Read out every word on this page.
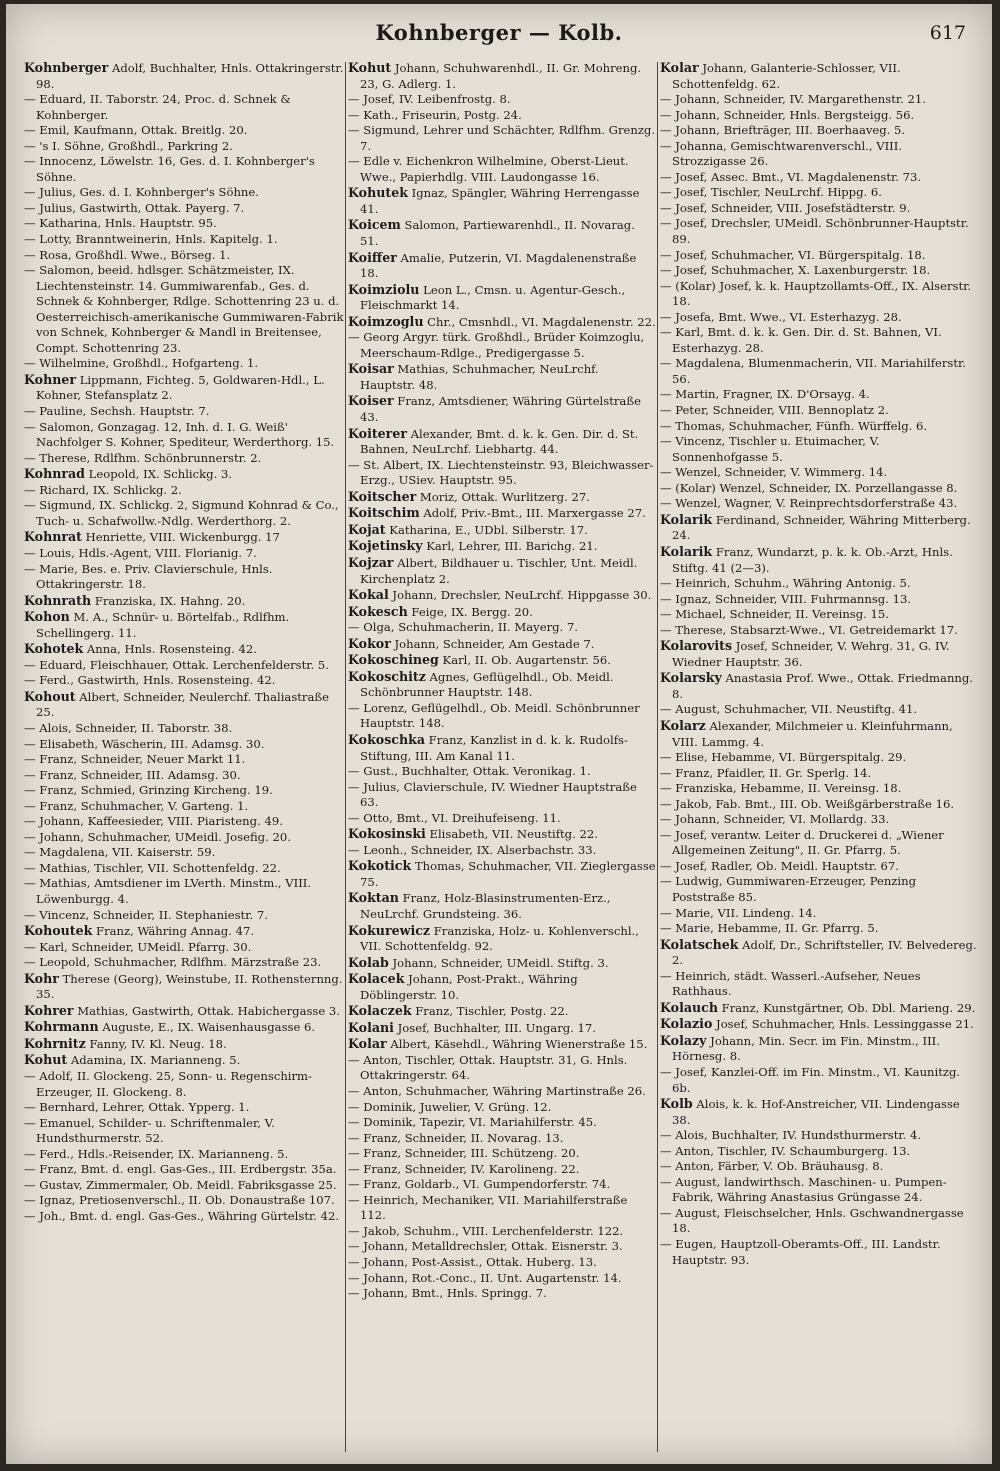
Kohnberger — Kolb.	617

Kohnberger Adolf, Buchhalter, Hnls. Ottakringerstr. 98.

— Eduard, II. Taborstr. 24, Proc. d. Schnek & Kohnberger.

— Emil, Kaufmann, Ottak. Breitlg. 20.

— 's I. Söhne, Großhdl., Parkring 2.

— Innocenz, Löwelstr. 16, Ges. d. I. Kohnberger's Söhne.

— Julius, Ges. d. I. Kohnberger's Söhne.

— Julius, Gastwirth, Ottak. Payerg. 7.

— Katharina, Hnls. Hauptstr. 95.

— Lotty, Branntweinerin, Hnls. Kapitelg. 1.

— Rosa, Großhdl. Wwe., Börseg. 1.

— Salomon, beeid. hdlsger. Schätzmeister, IX. Liechtensteinstr. 14. Gummiwarenfab., Ges. d. Schnek & Kohnberger, Rdlge. Schottenring 23 u. d. Oesterreichisch-amerikanische Gummiwaren-Fabrik von Schnek, Kohnberger & Mandl in Breitensee, Compt. Schottenring 23.

— Wilhelmine, Großhdl., Hofgarteng. 1.

Kohner Lippmann, Fichteg. 5, Goldwaren-Hdl., L. Kohner, Stefansplatz 2.

— Pauline, Sechsh. Hauptstr. 7.

— Salomon, Gonzagag. 12, Inh. d. I. G. Weiß' Nachfolger S. Kohner, Spediteur, Werderthorg. 15.

— Therese, Rdlfhm. Schönbrunnerstr. 2.

Kohnrad Leopold, IX. Schlickg. 3.

— Richard, IX. Schlickg. 2.

— Sigmund, IX. Schlickg. 2, Sigmund Kohnrad & Co., Tuch- u. Schafwollw.-Ndlg. Werderthorg. 2.

Kohnrat Henriette, VIII. Wickenburgg. 17

— Louis, Hdls.-Agent, VIII. Florianig. 7.

— Marie, Bes. e. Priv. Clavierschule, Hnls. Ottakringerstr. 18.

Kohnrath Franziska, IX. Hahng. 20.

Kohon M. A., Schnür- u. Börtelfab., Rdlfhm. Schellingerg. 11.

Kohotek Anna, Hnls. Rosensteing. 42.

— Eduard, Fleischhauer, Ottak. Lerchenfelderstr. 5.

— Ferd., Gastwirth, Hnls. Rosensteing. 42.

Kohout Albert, Schneider, Neulerchf. Thaliastraße 25.

— Alois, Schneider, II. Taborstr. 38.

— Elisabeth, Wäscherin, III. Adamsg. 30.

— Franz, Schneider, Neuer Markt 11.

— Franz, Schneider, III. Adamsg. 30.

— Franz, Schmied, Grinzing Kircheng. 19.

— Franz, Schuhmacher, V. Garteng. 1.

— Johann, Kaffeesieder, VIII. Piaristeng. 49.

— Johann, Schuhmacher, UMeidl. Josefig. 20.

— Magdalena, VII. Kaiserstr. 59.

— Mathias, Tischler, VII. Schottenfeldg. 22.

— Mathias, Amtsdiener im LVerth. Minstm., VIII. Löwenburgg. 4.

— Vincenz, Schneider, II. Stephaniestr. 7.

Kohoutek Franz, Währing Annag. 47.

— Karl, Schneider, UMeidl. Pfarrg. 30.

— Leopold, Schuhmacher, Rdlfhm. Märzstraße 23.

Kohr Therese (Georg), Weinstube, II. Rothensternng. 35.

Kohrer Mathias, Gastwirth, Ottak. Habichergasse 3.

Kohrmann Auguste, E., IX. Waisenhausgasse 6.

Kohrnitz Fanny, IV. Kl. Neug. 18.

Kohut Adamina, IX. Marianneng. 5.

— Adolf, II. Glockeng. 25, Sonn- u. Regenschirm-Erzeuger, II. Glockeng. 8.

— Bernhard, Lehrer, Ottak. Ypperg. 1.

— Emanuel, Schilder- u. Schriftenmaler, V. Hundsthurmerstr. 52.

— Ferd., Hdls.-Reisender, IX. Marianneng. 5.

— Franz, Bmt. d. engl. Gas-Ges., III. Erdbergstr. 35a.

— Gustav, Zimmermaler, Ob. Meidl. Fabriksgasse 25.

— Ignaz, Pretiosenverschl., II. Ob. Donaustraße 107.

— Joh., Bmt. d. engl. Gas-Ges., Währing Gürtelstr. 42.

Kohut Johann, Schuhwarenhdl., II. Gr. Mohreng. 23, G. Adlerg. 1.

— Josef, IV. Leibenfrostg. 8.

— Kath., Friseurin, Postg. 24.

— Sigmund, Lehrer und Schächter, Rdlfhm. Grenzg. 7.

— Edle v. Eichenkron Wilhelmine, Oberst-Lieut. Wwe., Papierhdlg. VIII. Laudongasse 16.

Kohutek Ignaz, Spängler, Währing Herrengasse 41.

Koicem Salomon, Partiewarenhdl., II. Novarag. 51.

Koiffer Amalie, Putzerin, VI. Magdalenenstraße 18.

Koimziolu Leon L., Cmsn. u. Agentur-Gesch., Fleischmarkt 14.

Koimzoglu Chr., Cmsnhdl., VI. Magdalenenstr. 22.

— Georg Argyr. türk. Großhdl., Brüder Koimzoglu, Meerschaum-Rdlge., Predigergasse 5.

Koisar Mathias, Schuhmacher, NeuLrchf. Hauptstr. 48.

Koiser Franz, Amtsdiener, Währing Gürtelstraße 43.

Koiterer Alexander, Bmt. d. k. k. Gen. Dir. d. St. Bahnen, NeuLrchf. Liebhartg. 44.

— St. Albert, IX. Liechtensteinstr. 93, Bleichwasser-Erzg., USiev. Hauptstr. 95.

Koitscher Moriz, Ottak. Wurlitzerg. 27.

Koitschim Adolf, Priv.-Bmt., III. Marxergasse 27.

Kojat Katharina, E., UDbl. Silberstr. 17.

Kojetinsky Karl, Lehrer, III. Barichg. 21.

Kojzar Albert, Bildhauer u. Tischler, Unt. Meidl. Kirchenplatz 2.

Kokal Johann, Drechsler, NeuLrchf. Hippgasse 30.

Kokesch Feige, IX. Bergg. 20.

— Olga, Schuhmacherin, II. Mayerg. 7.

Kokor Johann, Schneider, Am Gestade 7.

Kokoschineg Karl, II. Ob. Augartenstr. 56.

Kokoschitz Agnes, Geflügelhdl., Ob. Meidl. Schönbrunner Hauptstr. 148.

— Lorenz, Geflügelhdl., Ob. Meidl. Schönbrunner Hauptstr. 148.

Kokoschka Franz, Kanzlist in d. k. k. Rudolfs-Stiftung, III. Am Kanal 11.

— Gust., Buchhalter, Ottak. Veronikag. 1.

— Julius, Clavierschule, IV. Wiedner Hauptstraße 63.

— Otto, Bmt., VI. Dreihufeiseng. 11.

Kokosinski Elisabeth, VII. Neustiftg. 22.

— Leonh., Schneider, IX. Alserbachstr. 33.

Kokotick Thomas, Schuhmacher, VII. Zieglergasse 75.

Koktan Franz, Holz-Blasinstrumenten-Erz., NeuLrchf. Grundsteing. 36.

Kokurewicz Franziska, Holz- u. Kohlenverschl., VII. Schottenfeldg. 92.

Kolab Johann, Schneider, UMeidl. Stiftg. 3.

Kolacek Johann, Post-Prakt., Währing Döblingerstr. 10.

Kolaczek Franz, Tischler, Postg. 22.

Kolani Josef, Buchhalter, III. Ungarg. 17.

Kolar Albert, Käsehdl., Währing Wienerstraße 15.

— Anton, Tischler, Ottak. Hauptstr. 31, G. Hnls. Ottakringerstr. 64.

— Anton, Schuhmacher, Währing Martinstraße 26.

— Dominik, Juwelier, V. Grüng. 12.

— Dominik, Tapezir, VI. Mariahilferstr. 45.

— Franz, Schneider, II. Novarag. 13.

— Franz, Schneider, III. Schützeng. 20.

— Franz, Schneider, IV. Karolineng. 22.

— Franz, Goldarb., VI. Gumpendorferstr. 74.

— Heinrich, Mechaniker, VII. Mariahilferstraße 112.

— Jakob, Schuhm., VIII. Lerchenfelderstr. 122.

— Johann, Metalldrechsler, Ottak. Eisnerstr. 3.

— Johann, Post-Assist., Ottak. Huberg. 13.

— Johann, Rot.-Conc., II. Unt. Augartenstr. 14.

— Johann, Bmt., Hnls. Springg. 7.

Kolar Johann, Galanterie-Schlosser, VII. Schottenfeldg. 62.

— Johann, Schneider, IV. Margarethenstr. 21.

— Johann, Schneider, Hnls. Bergsteigg. 56.

— Johann, Briefträger, III. Boerhaaveg. 5.

— Johanna, Gemischtwarenverschl., VIII. Strozzigasse 26.

— Josef, Assec. Bmt., VI. Magdalenenstr. 73.

— Josef, Tischler, NeuLrchf. Hippg. 6.

— Josef, Schneider, VIII. Josefstädterstr. 9.

— Josef, Drechsler, UMeidl. Schönbrunner-Hauptstr. 89.

— Josef, Schuhmacher, VI. Bürgerspitalg. 18.

— Josef, Schuhmacher, X. Laxenburgerstr. 18.

— (Kolar) Josef, k. k. Hauptzollamts-Off., IX. Alserstr. 18.

— Josefa, Bmt. Wwe., VI. Esterhazyg. 28.

— Karl, Bmt. d. k. k. Gen. Dir. d. St. Bahnen, VI. Esterhazyg. 28.

— Magdalena, Blumenmacherin, VII. Mariahilferstr. 56.

— Martin, Fragner, IX. D'Orsayg. 4.

— Peter, Schneider, VIII. Bennoplatz 2.

— Thomas, Schuhmacher, Fünfh. Würffelg. 6.

— Vincenz, Tischler u. Etuimacher, V. Sonnenhofgasse 5.

— Wenzel, Schneider, V. Wimmerg. 14.

— (Kolar) Wenzel, Schneider, IX. Porzellangasse 8.

— Wenzel, Wagner, V. Reinprechtsdorferstraße 43.

Kolarik Ferdinand, Schneider, Währing Mitterberg. 24.

Kolarik Franz, Wundarzt, p. k. k. Ob.-Arzt, Hnls. Stiftg. 41 (2—3).

— Heinrich, Schuhm., Währing Antonig. 5.

— Ignaz, Schneider, VIII. Fuhrmannsg. 13.

— Michael, Schneider, II. Vereinsg. 15.

— Therese, Stabsarzt-Wwe., VI. Getreidemarkt 17.

Kolarovits Josef, Schneider, V. Wehrg. 31, G. IV. Wiedner Hauptstr. 36.

Kolarsky Anastasia Prof. Wwe., Ottak. Friedmanng. 8.

— August, Schuhmacher, VII. Neustiftg. 41.

Kolarz Alexander, Milchmeier u. Kleinfuhrmann, VIII. Lammg. 4.

— Elise, Hebamme, VI. Bürgerspitalg. 29.

— Franz, Pfaidler, II. Gr. Sperlg. 14.

— Franziska, Hebamme, II. Vereinsg. 18.

— Jakob, Fab. Bmt., III. Ob. Weißgärberstraße 16.

— Johann, Schneider, VI. Mollardg. 33.

— Josef, verantw. Leiter d. Druckerei d. „Wiener Allgemeinen Zeitung", II. Gr. Pfarrg. 5.

— Josef, Radler, Ob. Meidl. Hauptstr. 67.

— Ludwig, Gummiwaren-Erzeuger, Penzing Poststraße 85.

— Marie, VII. Lindeng. 14.

— Marie, Hebamme, II. Gr. Pfarrg. 5.

Kolatschek Adolf, Dr., Schriftsteller, IV. Belvedereg. 2.

— Heinrich, städt. Wasserl.-Aufseher, Neues Rathhaus.

Kolauch Franz, Kunstgärtner, Ob. Dbl. Marieng. 29.

Kolazio Josef, Schuhmacher, Hnls. Lessinggasse 21.

Kolazy Johann, Min. Secr. im Fin. Minstm., III. Hörnesg. 8.

— Josef, Kanzlei-Off. im Fin. Minstm., VI. Kaunitzg. 6b.

Kolb Alois, k. k. Hof-Anstreicher, VII. Lindengasse 38.

— Alois, Buchhalter, IV. Hundsthurmerstr. 4.

— Anton, Tischler, IV. Schaumburgerg. 13.

— Anton, Färber, V. Ob. Bräuhausg. 8.

— August, landwirthsch. Maschinen- u. Pumpen-Fabrik, Währing Anastasius Grüngasse 24.

— August, Fleischselcher, Hnls. Gschwandnergasse 18.

— Eugen, Hauptzoll-Oberamts-Off., III. Landstr. Hauptstr. 93.
